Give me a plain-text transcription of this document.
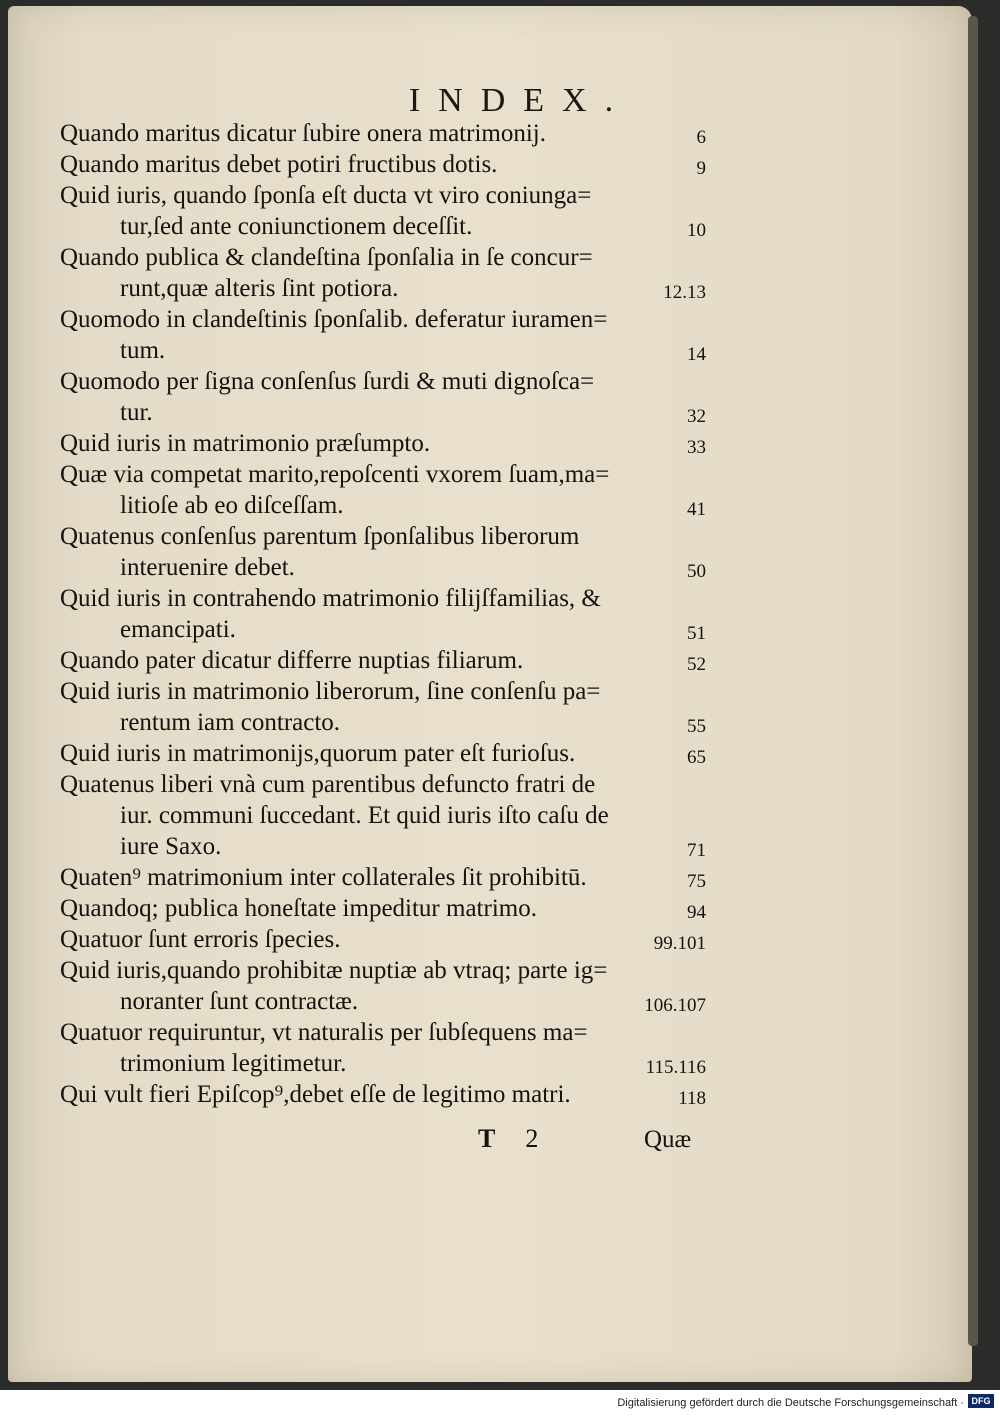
INDEX.
Quando maritus dicatur ſubire onera matrimonij.	6
Quando maritus debet potiri fructibus dotis.	9
Quid iuris, quando ſponſa eſt ducta vt viro coniunga=
tur,ſed ante coniunctionem deceſſit.	10
Quando publica & clandeſtina ſponſalia in ſe concur=
runt,quæ alteris ſint potiora.	12.13
Quomodo in clandeſtinis ſponſalib. deferatur iuramen=
tum.	14
Quomodo per ſigna conſenſus ſurdi & muti dignoſca=
tur.	32
Quid iuris in matrimonio præſumpto.	33
Quæ via competat marito,repoſcenti vxorem ſuam,ma=
litioſe ab eo diſceſſam.	41
Quatenus conſenſus parentum ſponſalibus liberorum
interuenire debet.	50
Quid iuris in contrahendo matrimonio filijſfamilias, &
emancipati.	51
Quando pater dicatur differre nuptias filiarum.	52
Quid iuris in matrimonio liberorum, ſine conſenſu pa=
rentum iam contracto.	55
Quid iuris in matrimonijs,quorum pater eſt furioſus.	65
Quatenus liberi vnà cum parentibus defuncto fratri de
iur. communi ſuccedant. Et quid iuris iſto caſu de
iure Saxo.	71
Quaten⁹ matrimonium inter collaterales ſit prohibitū.	75
Quandoq; publica honeſtate impeditur matrimo.	94
Quatuor ſunt erroris ſpecies.	99.101
Quid iuris,quando prohibitæ nuptiæ ab vtraq; parte ig=
noranter ſunt contractæ.	106.107
Quatuor requiruntur, vt naturalis per ſubſequens ma=
trimonium legitimetur.	115.116
Qui vult fieri Epiſcop⁹,debet eſſe de legitimo matri.	118
T 2	Quæ
Digitalisierung gefördert durch die Deutsche Forschungsgemeinschaft · DFG
